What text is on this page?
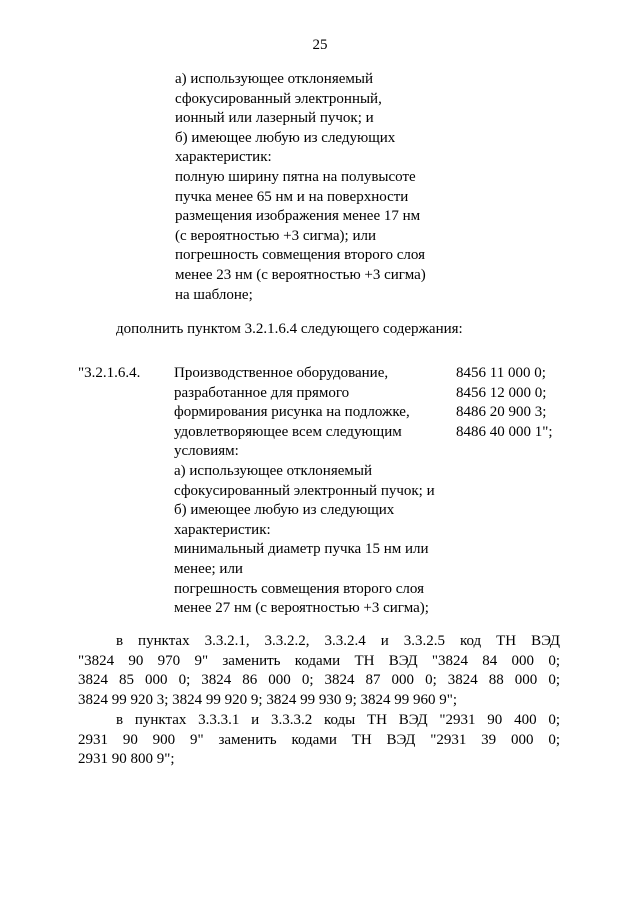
25
а) использующее отклоняемый
сфокусированный электронный,
ионный или лазерный пучок; и
б) имеющее любую из следующих
характеристик:
полную ширину пятна на полувысоте
пучка менее 65 нм и на поверхности
размещения изображения менее 17 нм
(с вероятностью +3 сигма); или
погрешность совмещения второго слоя
менее 23 нм (с вероятностью +3 сигма)
на шаблоне;
дополнить пунктом 3.2.1.6.4 следующего содержания:
"3.2.1.6.4. Производственное оборудование,
разработанное для прямого
формирования рисунка на подложке,
удовлетворяющее всем следующим
условиям:
а) использующее отклоняемый
сфокусированный электронный пучок; и
б) имеющее любую из следующих
характеристик:
минимальный диаметр пучка 15 нм или
менее; или
погрешность совмещения второго слоя
менее 27 нм (с вероятностью +3 сигма);
8456 11 000 0;
8456 12 000 0;
8486 20 900 3;
8486 40 000 1";
в пунктах 3.3.2.1, 3.3.2.2, 3.3.2.4 и 3.3.2.5 код ТН ВЭД
"3824 90 970 9" заменить кодами ТН ВЭД "3824 84 000 0;
3824 85 000 0; 3824 86 000 0; 3824 87 000 0; 3824 88 000 0;
3824 99 920 3; 3824 99 920 9; 3824 99 930 9; 3824 99 960 9";
в пунктах 3.3.3.1 и 3.3.3.2 коды ТН ВЭД "2931 90 400 0;
2931 90 900 9" заменить кодами ТН ВЭД "2931 39 000 0;
2931 90 800 9";
